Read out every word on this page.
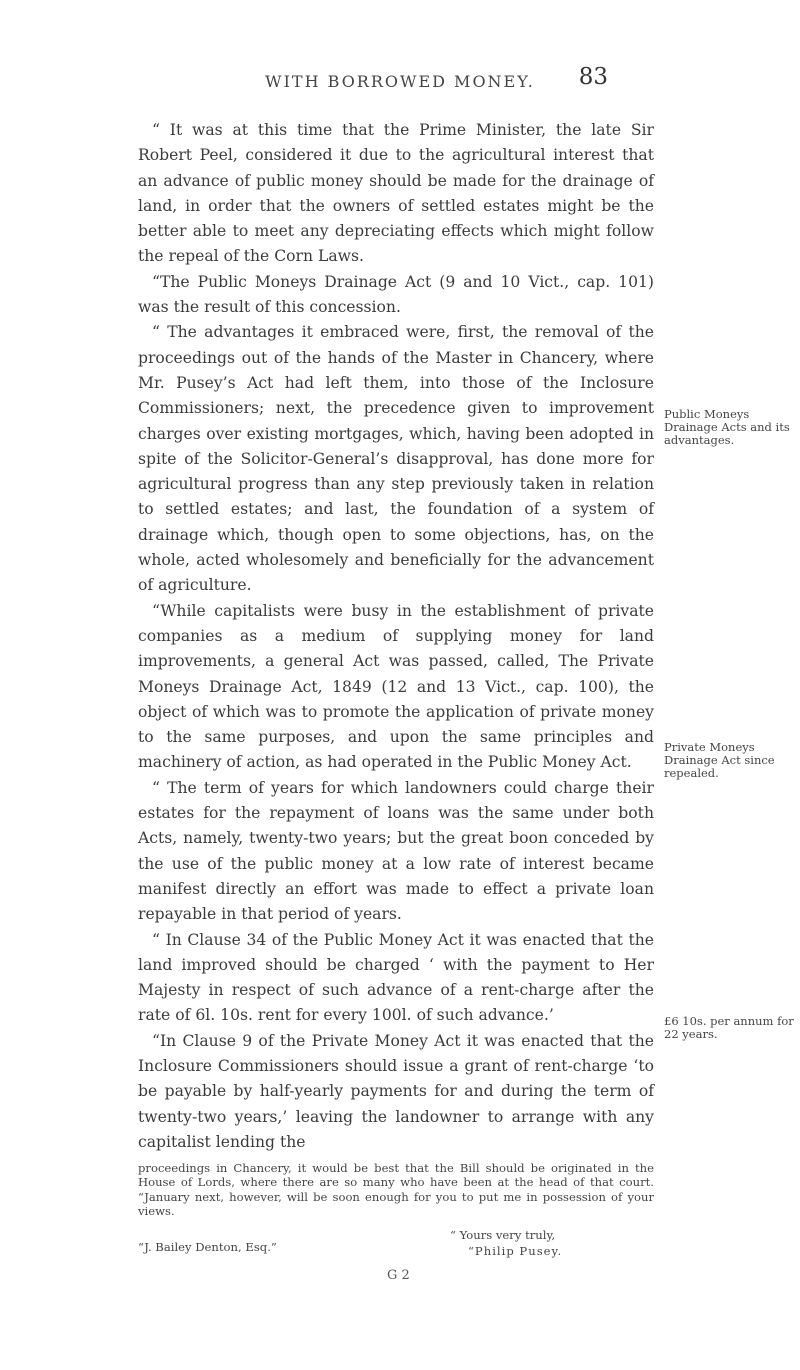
WITH BORROWED MONEY.	83

“ It was at this time that the Prime Minister, the late Sir Robert Peel, considered it due to the agricultural interest that an advance of public money should be made for the drainage of land, in order that the owners of settled estates might be the better able to meet any depreciating effects which might follow the repeal of the Corn Laws.

“The Public Moneys Drainage Act (9 and 10 Vict., cap. 101) was the result of this concession.

“ The advantages it embraced were, first, the removal of the proceedings out of the hands of the Master in Chancery, where Mr. Pusey’s Act had left them, into those of the Inclosure Commissioners; next, the precedence given to improvement charges over existing mortgages, which, having been adopted in spite of the Solicitor-General’s disapproval, has done more for agricultural progress than any step previously taken in relation to settled estates; and last, the foundation of a system of drainage which, though open to some objections, has, on the whole, acted wholesomely and beneficially for the advancement of agriculture.

“While capitalists were busy in the establishment of private companies as a medium of supplying money for land improvements, a general Act was passed, called, The Private Moneys Drainage Act, 1849 (12 and 13 Vict., cap. 100), the object of which was to promote the application of private money to the same purposes, and upon the same principles and machinery of action, as had operated in the Public Money Act.

“ The term of years for which landowners could charge their estates for the repayment of loans was the same under both Acts, namely, twenty-two years; but the great boon conceded by the use of the public money at a low rate of interest became manifest directly an effort was made to effect a private loan repayable in that period of years.

“ In Clause 34 of the Public Money Act it was enacted that the land improved should be charged ‘ with the payment to Her Majesty in respect of such advance of a rent-charge after the rate of 6l. 10s. rent for every 100l. of such advance.’

“In Clause 9 of the Private Money Act it was enacted that the Inclosure Commissioners should issue a grant of rent-charge ‘to be payable by half-yearly payments for and during the term of twenty-two years,’ leaving the landowner to arrange with any capitalist lending the

Public Moneys Drainage Acts and its advantages.
Private Moneys Drainage Act since repealed.
£6 10s. per annum for 22 years.

proceedings in Chancery, it would be best that the Bill should be originated in the House of Lords, where there are so many who have been at the head of that court. “January next, however, will be soon enough for you to put me in possession of your views.

“J. Bailey Denton, Esq.”
“ Yours very truly,
“Philip Pusey.
G 2
